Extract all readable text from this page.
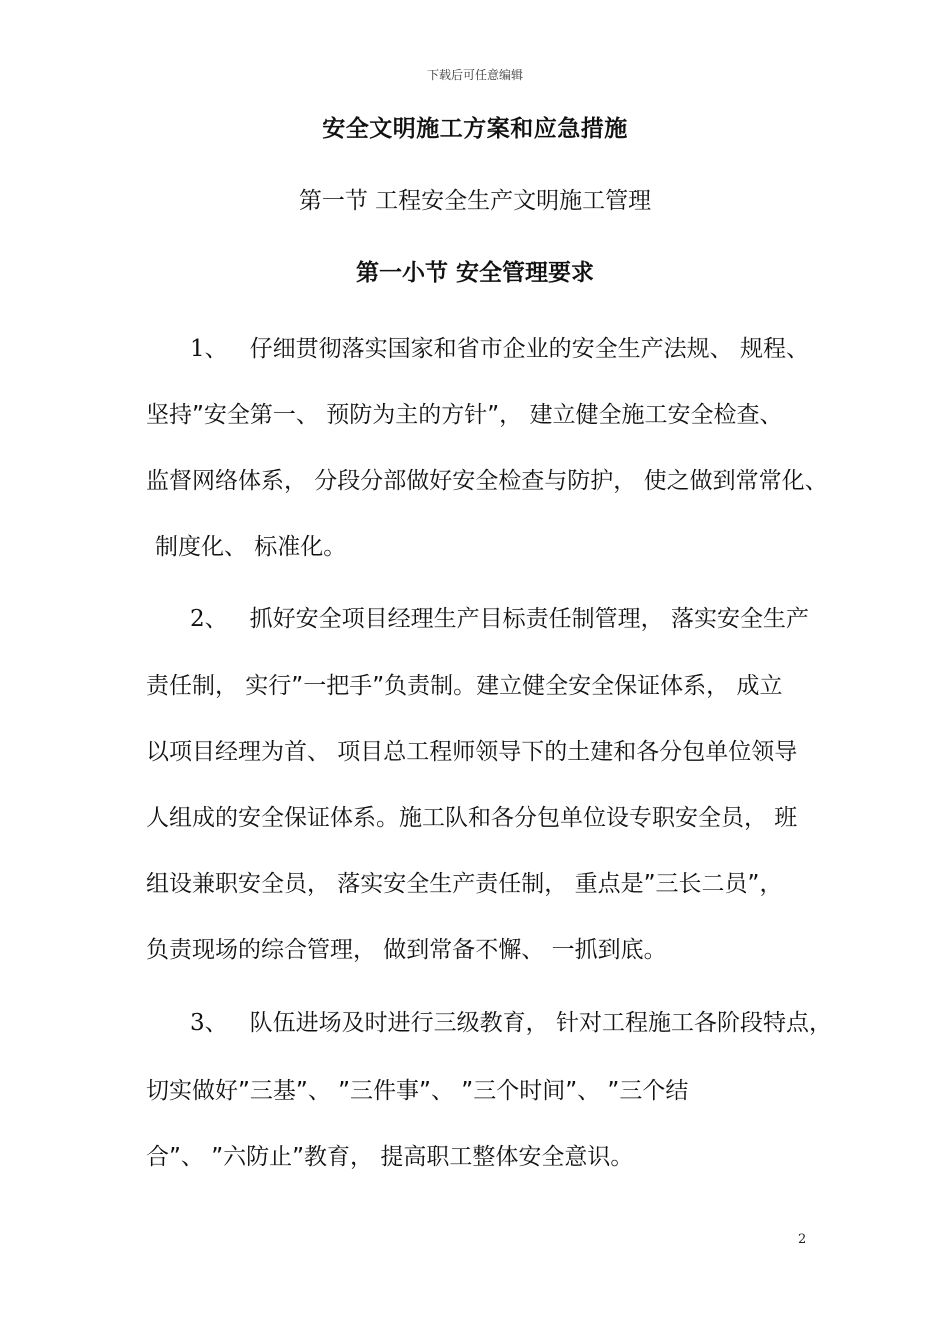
下载后可任意编辑
安全文明施工方案和应急措施
第一节 工程安全生产文明施工管理
第一小节 安全管理要求
1、 仔细贯彻落实国家和省市企业的安全生产法规、 规程、
坚持”安全第一、 预防为主的方针”， 建立健全施工安全检查、
监督网络体系， 分段分部做好安全检查与防护， 使之做到常常化、
制度化、 标准化。
2、 抓好安全项目经理生产目标责任制管理， 落实安全生产
责任制， 实行”一把手”负责制。建立健全安全保证体系， 成立
以项目经理为首、 项目总工程师领导下的土建和各分包单位领导
人组成的安全保证体系。施工队和各分包单位设专职安全员， 班
组设兼职安全员， 落实安全生产责任制， 重点是”三长二员”，
负责现场的综合管理， 做到常备不懈、 一抓到底。
3、 队伍进场及时进行三级教育， 针对工程施工各阶段特点，
切实做好”三基”、 ”三件事”、 ”三个时间”、 ”三个结
合”、 ”六防止”教育， 提高职工整体安全意识。
2
